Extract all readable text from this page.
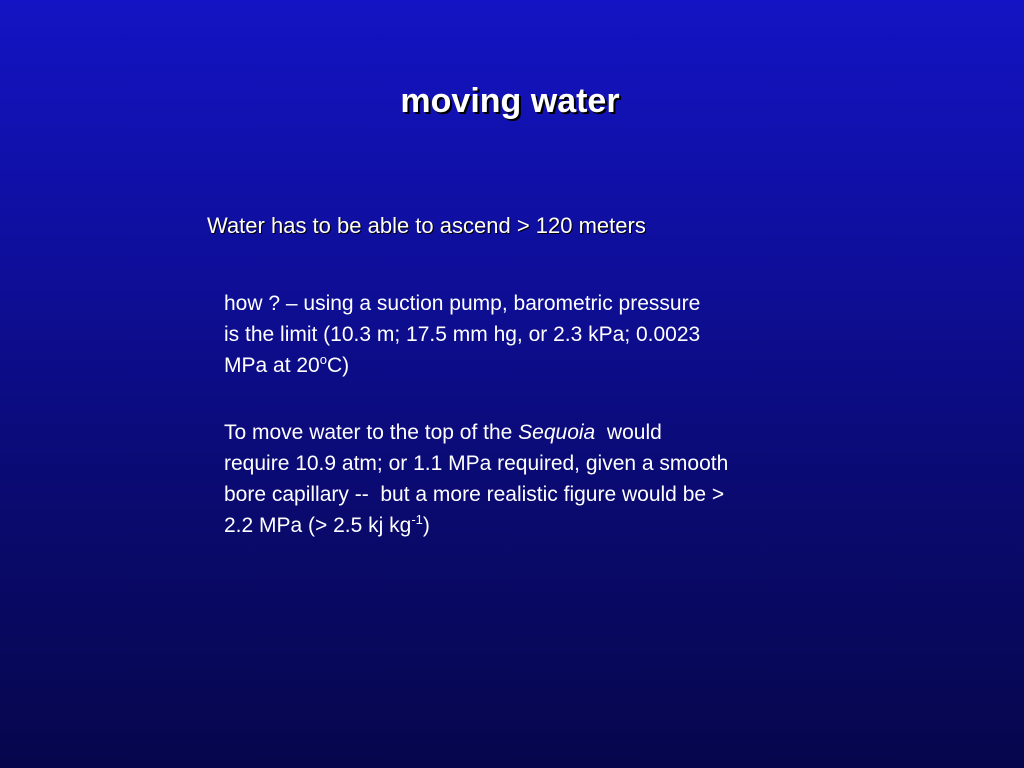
moving water
Water has to be able to ascend > 120 meters
how ? – using a suction pump, barometric pressure
is the limit (10.3 m; 17.5 mm hg, or 2.3 kPa; 0.0023
MPa at 20$^o$C)
To move water to the top of the Sequoia  would
require 10.9 atm; or 1.1 MPa required, given a smooth
bore capillary --  but a more realistic figure would be >
2.2 MPa (> 2.5 kj $kg^{-1}$)
